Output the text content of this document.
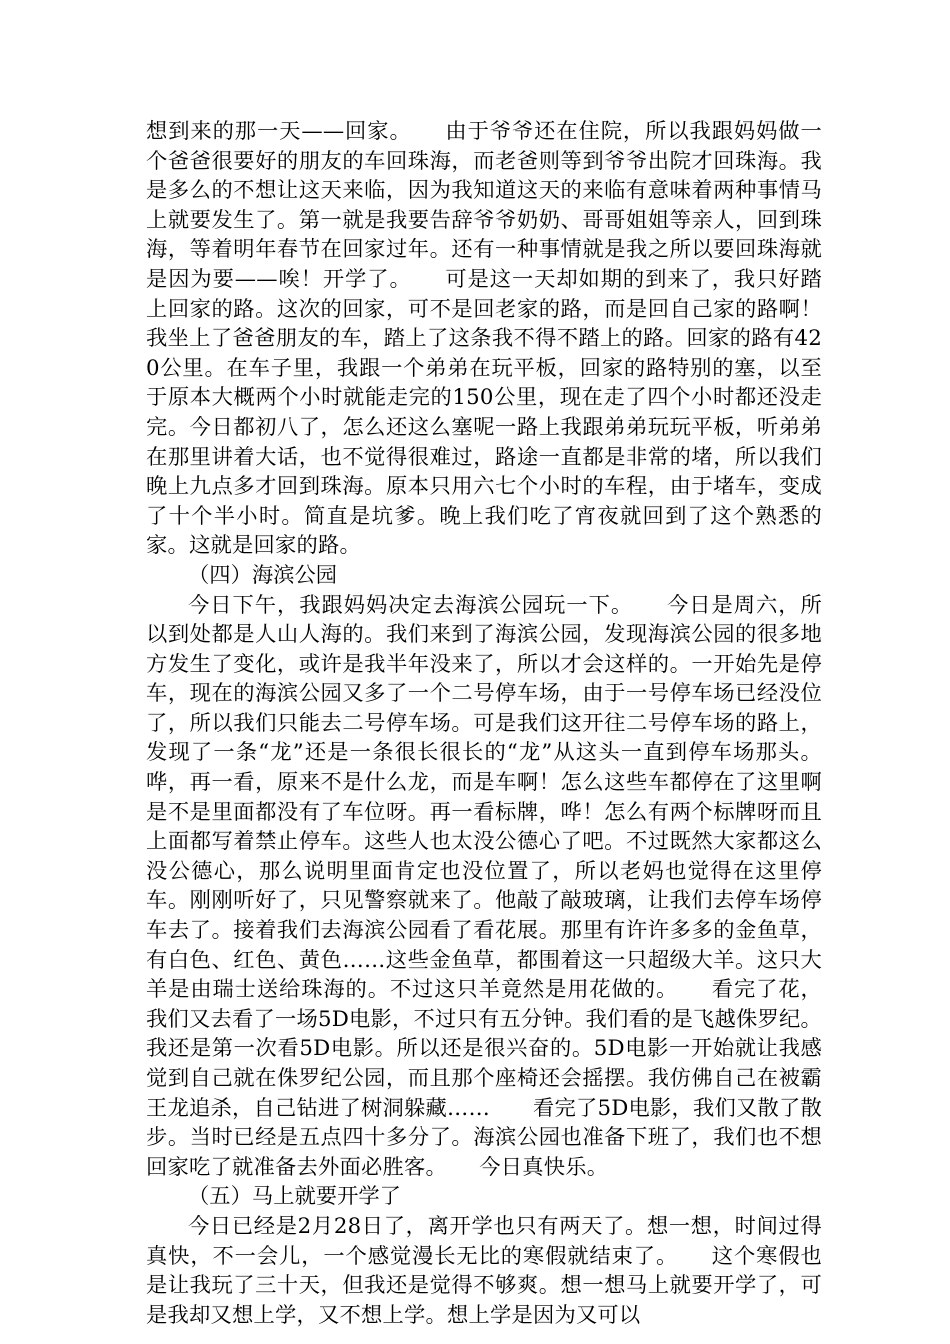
想到来的那一天——回家。　　由于爷爷还在住院，所以我跟妈妈做一个爸爸很要好的朋友的车回珠海，而老爸则等到爷爷出院才回珠海。我是多么的不想让这天来临，因为我知道这天的来临有意味着两种事情马上就要发生了。第一就是我要告辞爷爷奶奶、哥哥姐姐等亲人，回到珠海，等着明年春节在回家过年。还有一种事情就是我之所以要回珠海就是因为要——唉！开学了。　　可是这一天却如期的到来了，我只好踏上回家的路。这次的回家，可不是回老家的路，而是回自己家的路啊！我坐上了爸爸朋友的车，踏上了这条我不得不踏上的路。回家的路有420公里。在车子里，我跟一个弟弟在玩平板，回家的路特别的塞，以至于原本大概两个小时就能走完的150公里，现在走了四个小时都还没走完。今日都初八了，怎么还这么塞呢一路上我跟弟弟玩玩平板，听弟弟在那里讲着大话，也不觉得很难过，路途一直都是非常的堵，所以我们晚上九点多才回到珠海。原本只用六七个小时的车程，由于堵车，变成了十个半小时。简直是坑爹。晚上我们吃了宵夜就回到了这个熟悉的家。这就是回家的路。

（四）海滨公园

今日下午，我跟妈妈决定去海滨公园玩一下。　　今日是周六，所以到处都是人山人海的。我们来到了海滨公园，发现海滨公园的很多地方发生了变化，或许是我半年没来了，所以才会这样的。一开始先是停车，现在的海滨公园又多了一个二号停车场，由于一号停车场已经没位了，所以我们只能去二号停车场。可是我们这开往二号停车场的路上，发现了一条“龙”还是一条很长很长的“龙”从这头一直到停车场那头。哗，再一看，原来不是什么龙，而是车啊！怎么这些车都停在了这里啊是不是里面都没有了车位呀。再一看标牌，哗！怎么有两个标牌呀而且上面都写着禁止停车。这些人也太没公德心了吧。不过既然大家都这么没公德心，那么说明里面肯定也没位置了，所以老妈也觉得在这里停车。刚刚听好了，只见警察就来了。他敲了敲玻璃，让我们去停车场停车去了。接着我们去海滨公园看了看花展。那里有许许多多的金鱼草，有白色、红色、黄色……这些金鱼草，都围着这一只超级大羊。这只大羊是由瑞士送给珠海的。不过这只羊竟然是用花做的。　　看完了花，我们又去看了一场5D电影，不过只有五分钟。我们看的是飞越侏罗纪。我还是第一次看5D电影。所以还是很兴奋的。5D电影一开始就让我感觉到自己就在侏罗纪公园，而且那个座椅还会摇摆。我仿佛自己在被霸王龙追杀，自己钻进了树洞躲藏……　　看完了5D电影，我们又散了散步。当时已经是五点四十多分了。海滨公园也准备下班了，我们也不想回家吃了就准备去外面必胜客。　　今日真快乐。

（五）马上就要开学了

今日已经是2月28日了，离开学也只有两天了。想一想，时间过得真快，不一会儿，一个感觉漫长无比的寒假就结束了。　　这个寒假也是让我玩了三十天，但我还是觉得不够爽。想一想马上就要开学了，可是我却又想上学，又不想上学。想上学是因为又可以
